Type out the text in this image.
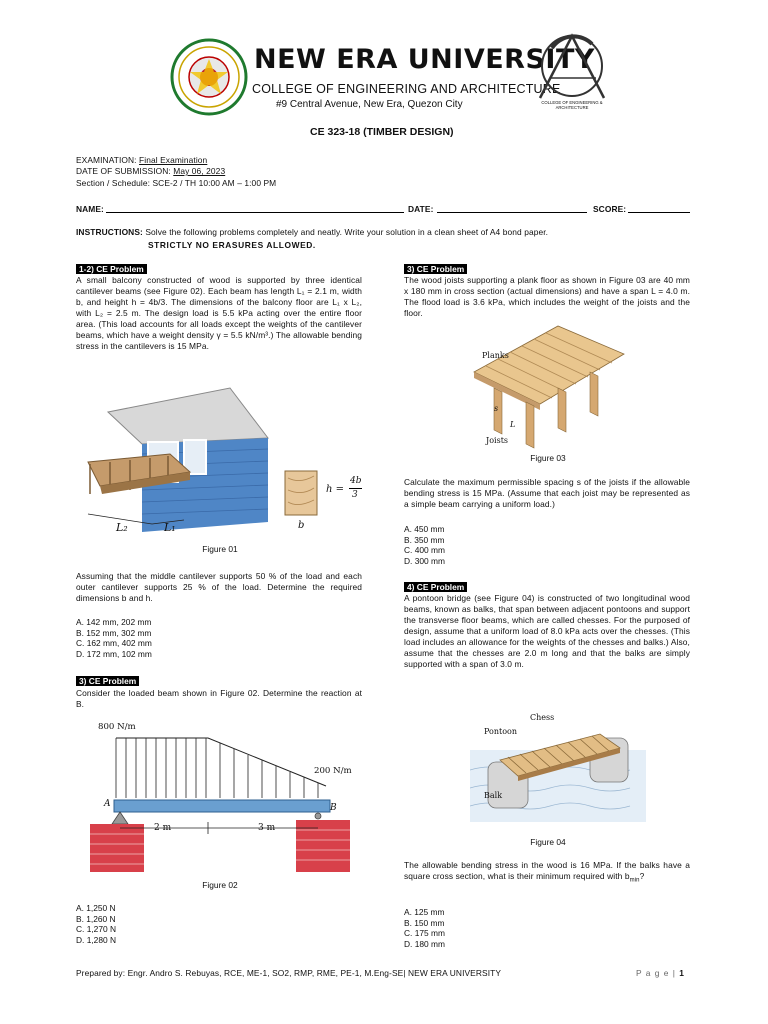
NEW ERA UNIVERSITY
COLLEGE OF ENGINEERING AND ARCHITECTURE
#9 Central Avenue, New Era, Quezon City	COLLEGE OF ENGINEERING & ARCHITECTURE
CE 323-18 (TIMBER DESIGN)
EXAMINATION: Final Examination
DATE OF SUBMISSION: May 06, 2023
Section / Schedule: SCE-2 / TH 10:00 AM – 1:00 PM
NAME:	DATE:	SCORE:
INSTRUCTIONS: Solve the following problems completely and neatly. Write your solution in a clean sheet of A4 bond paper.
STRICTLY NO ERASURES ALLOWED.
1-2) CE Problem
A small balcony constructed of wood is supported by three identical cantilever beams (see Figure 02). Each beam has length L₁ = 2.1 m, width b, and height h = 4b/3. The dimensions of the balcony floor are L₁ x L₂, with L₂ = 2.5 m. The design load is 5.5 kPa acting over the entire floor area. (This load accounts for all loads except the weights of the cantilever beams, which have a weight density γ = 5.5 kN/m³.) The allowable bending stress in the cantilevers is 15 MPa.
L₂	L₁
h =
4b
3
b
Figure 01
Assuming that the middle cantilever supports 50 % of the load and each outer cantilever supports 25 % of the load. Determine the required dimensions b and h.
A. 142 mm, 202 mm
B. 152 mm, 302 mm
C. 162 mm, 402 mm
D. 172 mm, 102 mm
3) CE Problem
Consider the loaded beam shown in Figure 02. Determine the reaction at B.
800 N/m
200 N/m
A	B
2 m	3 m
Figure 02
A. 1,250 N
B. 1,260 N
C. 1,270 N
D. 1,280 N
3) CE Problem
The wood joists supporting a plank floor as shown in Figure 03 are 40 mm x 180 mm in cross section (actual dimensions) and have a span L = 4.0 m. The flood load is 3.6 kPa, which includes the weight of the joists and the floor.
Planks
Joists
s
L
Figure 03
Calculate the maximum permissible spacing s of the joists if the allowable bending stress is 15 MPa. (Assume that each joist may be represented as a simple beam carrying a uniform load.)
A. 450 mm
B. 350 mm
C. 400 mm
D. 300 mm
4) CE Problem
A pontoon bridge (see Figure 04) is constructed of two longitudinal wood beams, known as balks, that span between adjacent pontoons and support the transverse floor beams, which are called chesses. For the purposed of design, assume that a uniform load of 8.0 kPa acts over the chesses. (This load includes an allowance for the weights of the chesses and balks.) Also, assume that the chesses are 2.0 m long and that the balks are simply supported with a span of 3.0 m.
Chess
Pontoon
Balk
Figure 04
The allowable bending stress in the wood is 16 MPa. If the balks have a square cross section, what is their minimum required with $b_{min}$?
A. 125 mm
B. 150 mm
C. 175 mm
D. 180 mm
Prepared by: Engr. Andro S. Rebuyas, RCE, ME-1, SO2, RMP, RME, PE-1, M.Eng-SE| NEW ERA UNIVERSITY	P a g e | 1
